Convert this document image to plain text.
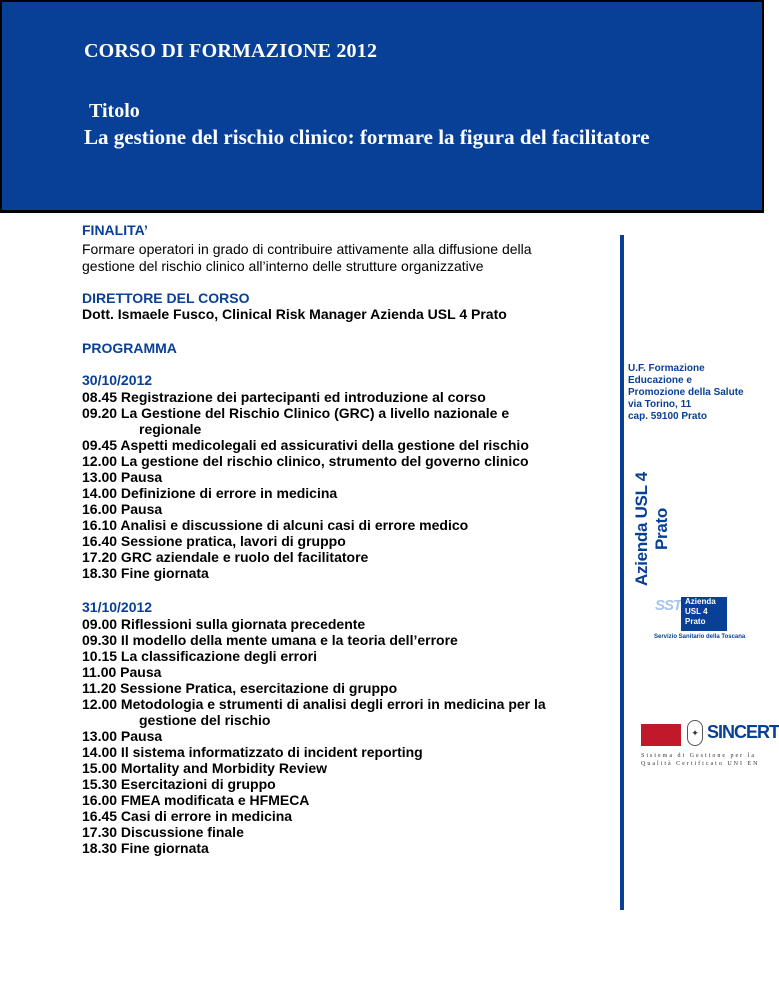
CORSO DI FORMAZIONE 2012
Titolo
La gestione del rischio clinico: formare la figura del facilitatore
FINALITA’
Formare operatori in grado di contribuire attivamente alla diffusione della
gestione del rischio clinico all’interno delle strutture organizzative
DIRETTORE DEL CORSO
Dott. Ismaele Fusco, Clinical Risk Manager Azienda USL 4 Prato
PROGRAMMA
30/10/2012
08.45 Registrazione dei partecipanti ed introduzione al corso
09.20 La Gestione del Rischio Clinico (GRC) a livello nazionale e
regionale
09.45 Aspetti medicolegali ed assicurativi della gestione del rischio
12.00 La gestione del rischio clinico, strumento del governo clinico
13.00 Pausa
14.00 Definizione di errore in medicina
16.00 Pausa
16.10 Analisi e discussione di alcuni casi di errore medico
16.40 Sessione pratica, lavori di gruppo
17.20 GRC aziendale e ruolo del facilitatore
18.30 Fine giornata
31/10/2012
09.00 Riflessioni sulla giornata precedente
09.30 Il modello della mente umana e la teoria dell’errore
10.15 La classificazione degli errori
11.00 Pausa
11.20 Sessione Pratica, esercitazione di gruppo
12.00 Metodologia e strumenti di analisi degli errori in medicina per la
gestione del rischio
13.00 Pausa
14.00 Il sistema informatizzato di incident reporting
15.00 Mortality and Morbidity Review
15.30 Esercitazioni di gruppo
16.00 FMEA modificata e HFMECA
16.45 Casi di errore in medicina
17.30 Discussione finale
18.30 Fine giornata
U.F. Formazione
Educazione e
Promozione della Salute
via Torino, 11
cap. 59100 Prato
Azienda USL 4 Prato
SST Azienda
USL 4
Prato
Servizio Sanitario della Toscana
✦ SINCERT
Sistema di Gestione per la
Qualità Certificato UNI EN
